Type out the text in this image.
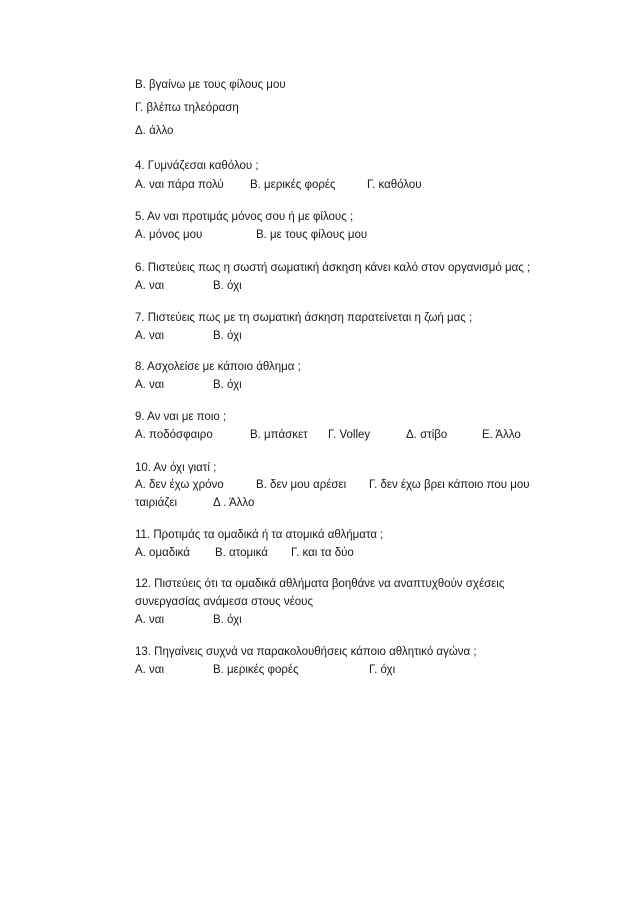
Β. βγαίνω με τους φίλους μου
Γ. βλέπω τηλεόραση
Δ. άλλο
4. Γυμνάζεσαι καθόλου ;
Α. ναι πάρα πολύ Β. μερικές φορές	Γ. καθόλου
5. Αν ναι προτιμάς μόνος σου ή με φίλους ;
Α. μόνος μου	Β. με τους φίλους μου
6. Πιστεύεις πως η σωστή σωματική άσκηση κάνει καλό στον οργανισμό μας ;
Α. ναι	Β. όχι
7. Πιστεύεις πως με τη σωματική άσκηση παρατείνεται η ζωή μας ;
Α. ναι	Β. όχι
8. Ασχολείσε με κάποιο άθλημα ;
Α. ναι	Β. όχι
9. Αν ναι με ποιο ;
Α. ποδόσφαιρο	Β. μπάσκετ Γ. Volley	Δ. στίβο	Ε. Άλλο
10. Αν όχι γιατί ;
Α. δεν έχω χρόνο	Β. δεν μου αρέσει Γ. δεν έχω βρει κάποιο που μου
ταιριάζει	Δ . Άλλο
11. Προτιμάς τα ομαδικά ή τα ατομικά αθλήματα ;
Α. ομαδικά Β. ατομικά Γ. και τα δύο
12. Πιστεύεις ότι τα ομαδικά αθλήματα βοηθάνε να αναπτυχθούν σχέσεις
συνεργασίας ανάμεσα στους νέους
Α. ναι	Β. όχι
13. Πηγαίνεις συχνά να παρακολουθήσεις κάποιο αθλητικό αγώνα ;
Α. ναι	Β. μερικές φορές	Γ. όχι
